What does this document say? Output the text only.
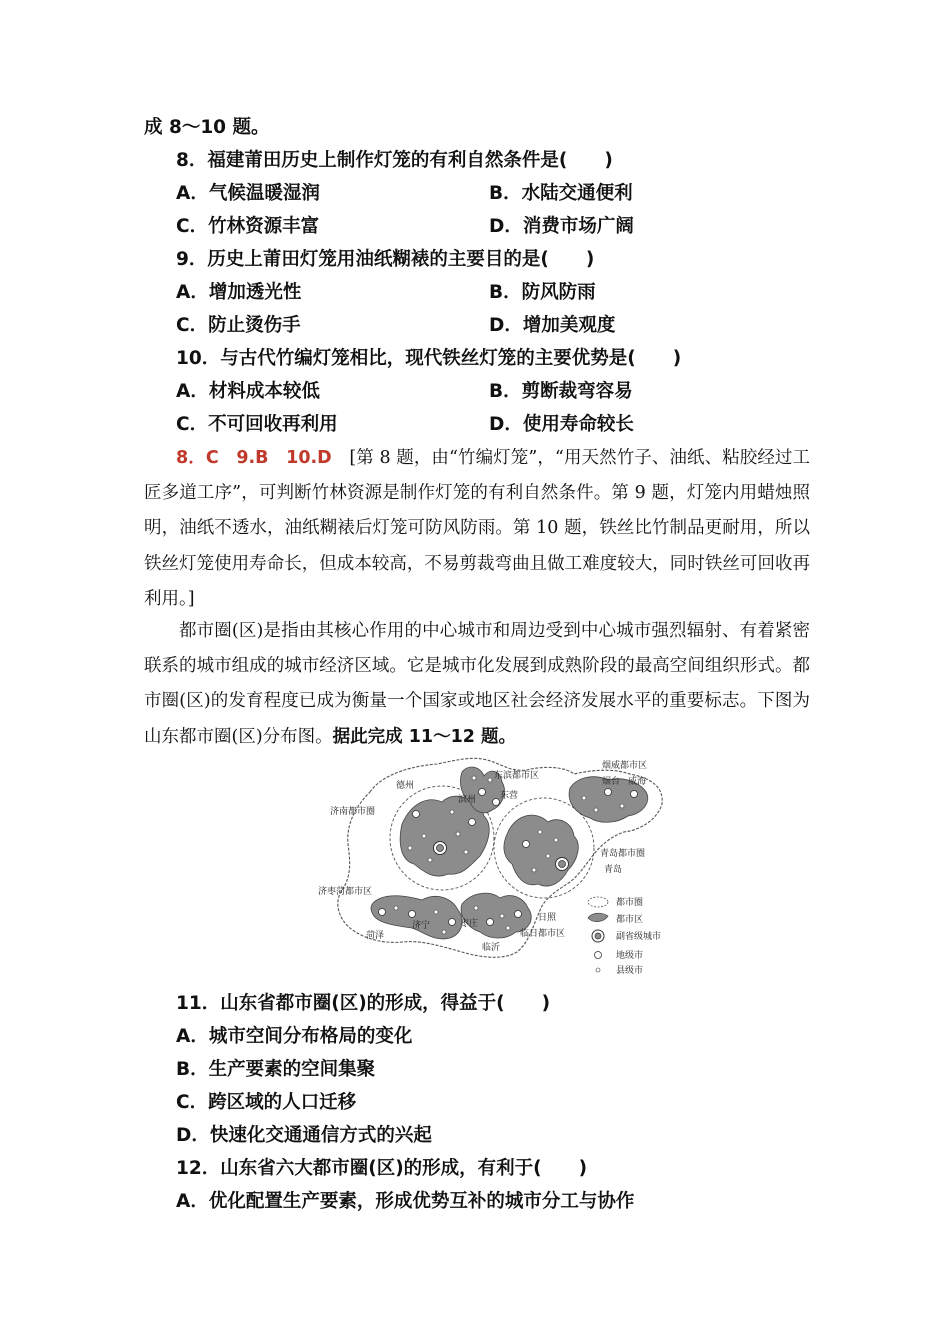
成 8～10 题。
8．福建莆田历史上制作灯笼的有利自然条件是(　　)
A．气候温暖湿润	B．水陆交通便利
C．竹林资源丰富	D．消费市场广阔
9．历史上莆田灯笼用油纸糊裱的主要目的是(　　)
A．增加透光性	B．防风防雨
C．防止烫伤手	D．增加美观度
10．与古代竹编灯笼相比，现代铁丝灯笼的主要优势是(　　)
A．材料成本较低	B．剪断裁弯容易
C．不可回收再利用	D．使用寿命较长
8．C　9.B　10.D　[第 8 题，由“竹编灯笼”，“用天然竹子、油纸、粘胶经过工匠多道工序”，可判断竹林资源是制作灯笼的有利自然条件。第 9 题，灯笼内用蜡烛照明，油纸不透水，油纸糊裱后灯笼可防风防雨。第 10 题，铁丝比竹制品更耐用，所以铁丝灯笼使用寿命长，但成本较高，不易剪裁弯曲且做工难度较大，同时铁丝可回收再利用。]
都市圈(区)是指由其核心作用的中心城市和周边受到中心城市强烈辐射、有着紧密联系的城市组成的城市经济区域。它是城市化发展到成熟阶段的最高空间组织形式。都市圈(区)的发育程度已成为衡量一个国家或地区社会经济发展水平的重要标志。下图为山东都市圈(区)分布图。据此完成 11～12 题。
德州
滨州
东滨都市区
东营
烟威都市区
烟台 威海
济南都市圈
青岛都市圈
青岛
济枣菏都市区
济宁
菏泽
枣庄
临沂
日照
临日都市区
都市圈
都市区
副省级城市
地级市
县级市
11．山东省都市圈(区)的形成，得益于(　　)
A．城市空间分布格局的变化
B．生产要素的空间集聚
C．跨区域的人口迁移
D．快速化交通通信方式的兴起
12．山东省六大都市圈(区)的形成，有利于(　　)
A．优化配置生产要素，形成优势互补的城市分工与协作
